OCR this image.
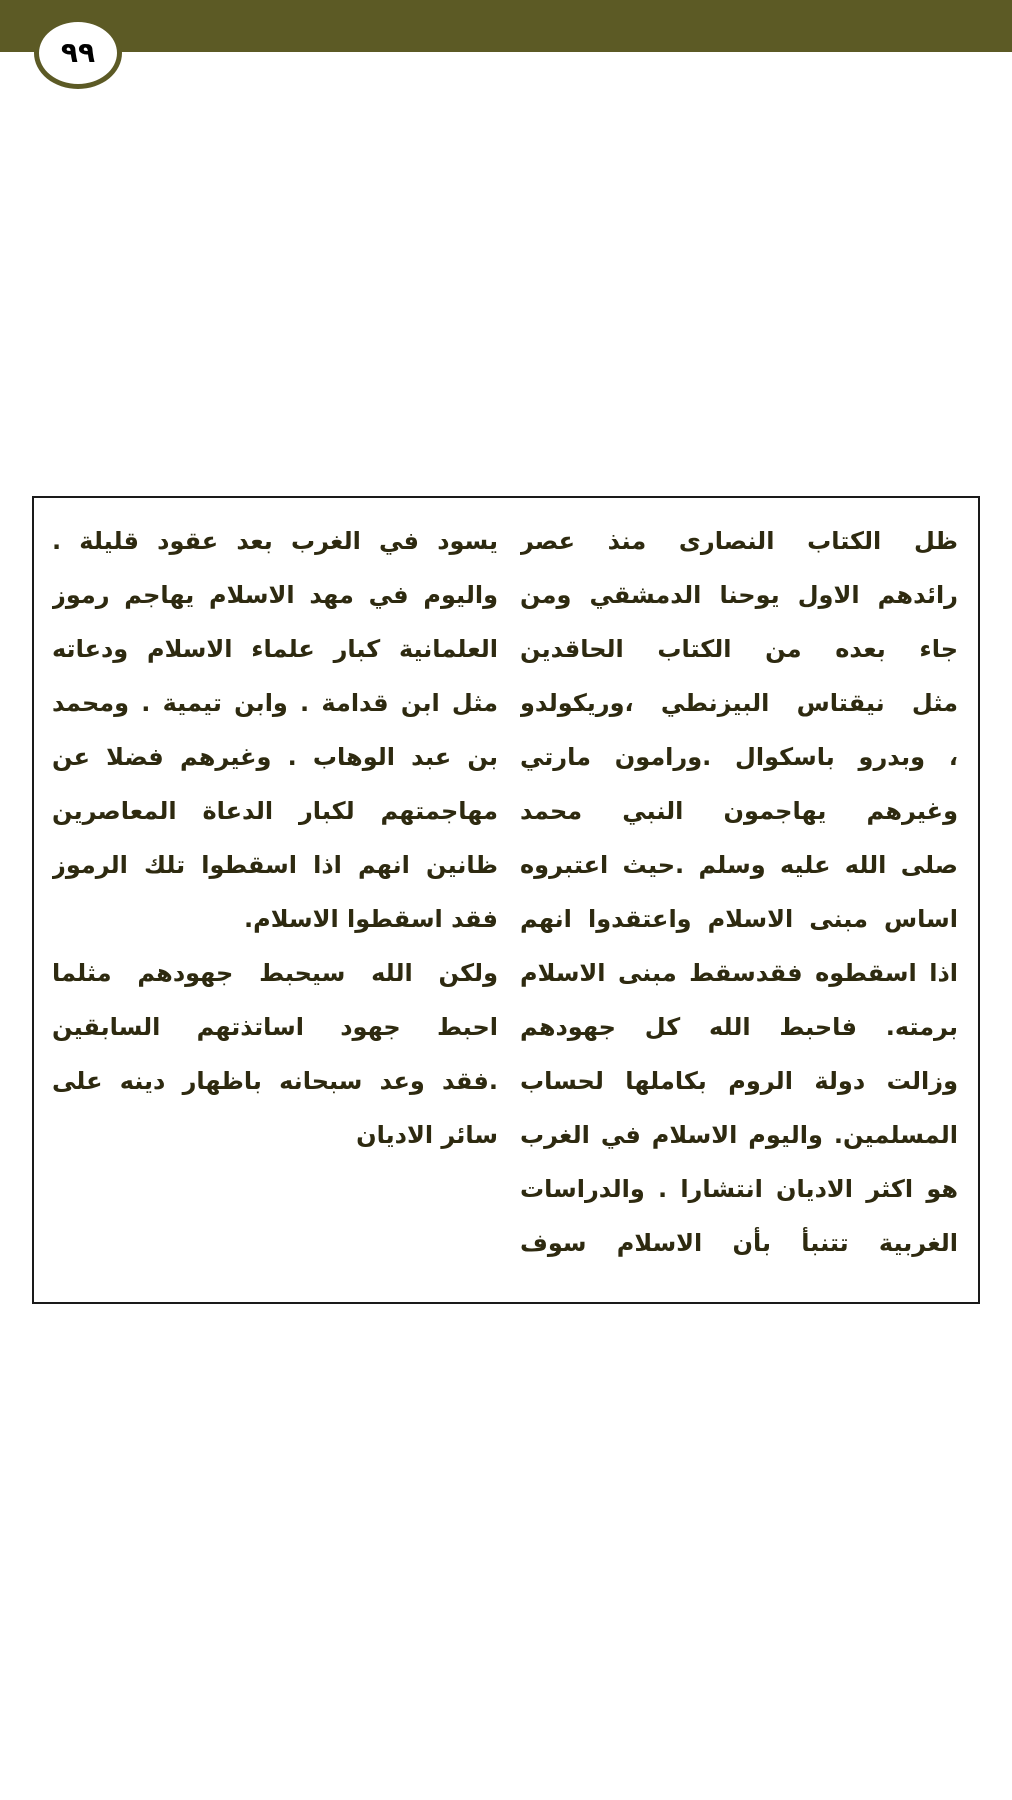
٩٩
ظل الكتاب النصارى منذ عصر
رائدهم الاول يوحنا الدمشقي ومن
جاء بعده من الكتاب الحاقدين
مثل نيقتاس البيزنطي ،وريكولدو
، وبدرو باسكوال .ورامون مارتي
وغيرهم يهاجمون النبي محمد
صلى الله عليه وسلم .حيث اعتبروه
اساس مبنى الاسلام واعتقدوا انهم
اذا اسقطوه فقدسقط مبنى الاسلام
برمته. فاحبط الله كل جهودهم
وزالت دولة الروم بكاملها لحساب
المسلمين. واليوم الاسلام في الغرب
هو اكثر الاديان انتشارا . والدراسات
الغربية تتنبأ بأن الاسلام سوف
يسود في الغرب بعد عقود قليلة .
واليوم في مهد الاسلام يهاجم رموز
العلمانية كبار علماء الاسلام ودعاته
مثل ابن قدامة . وابن تيمية . ومحمد
بن عبد الوهاب . وغيرهم فضلا عن
مهاجمتهم لكبار الدعاة المعاصرين
ظانين انهم اذا اسقطوا تلك الرموز
فقد اسقطوا الاسلام.
ولكن الله سيحبط جهودهم مثلما
احبط جهود اساتذتهم السابقين
.فقد وعد سبحانه باظهار دينه على
سائر الاديان
